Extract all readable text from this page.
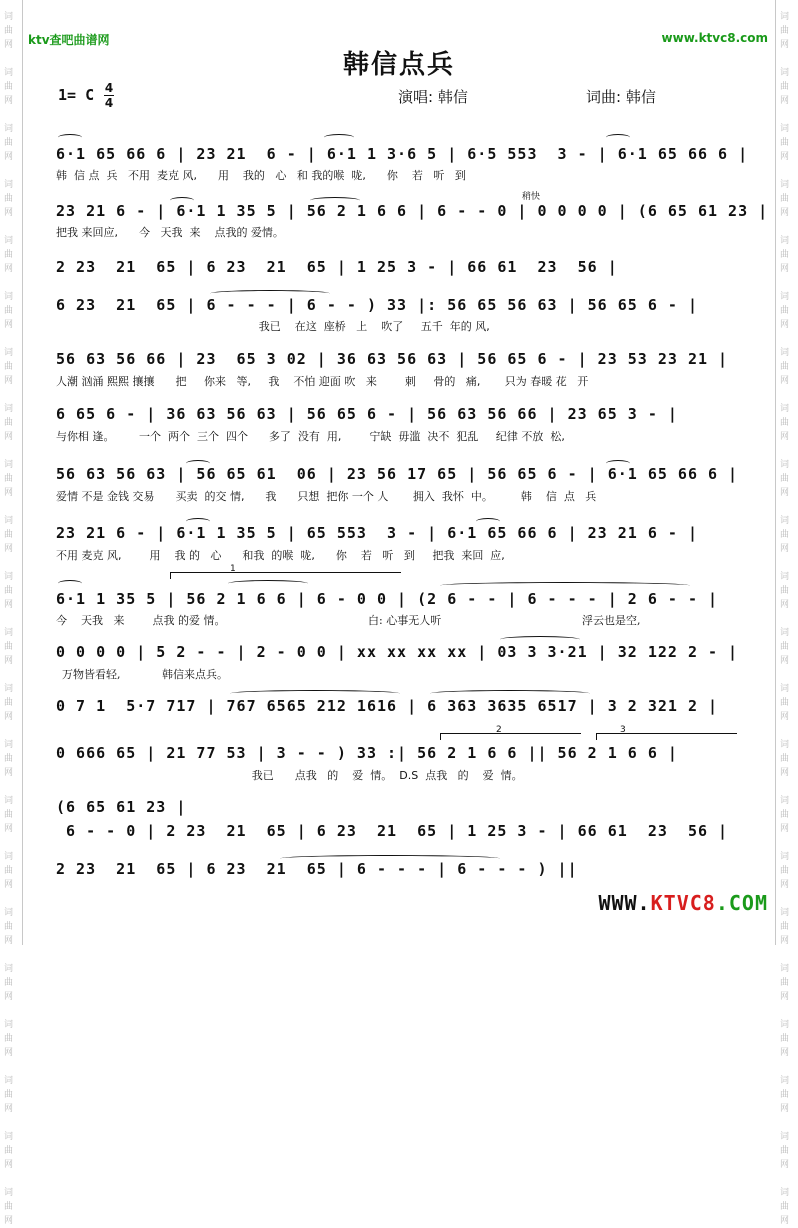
词
曲
网

词
曲
网

词
曲
网

词
曲
网

词
曲
网

词
曲
网

词
曲
网

词
曲
网

词
曲
网

词
曲
网

词
曲
网

词
曲
网

词
曲
网

词
曲
网

词
曲
网

词
曲
网

词
曲
网

词
曲
网

词
曲
网

词
曲
网

词
曲
网

词
曲
网

词
曲
网

词
曲
网

词
曲
网

词
曲
网

词
曲
网

词
曲
网

词
曲
网

词
曲
网

词
曲
网

词
曲
网

词
曲
网

词
曲
网

词
曲
网

词
曲
网

词
曲
网

词
曲
网

词
曲
网

词
曲
网

词
曲
网

词
曲
网

词
曲
网

词
曲
网

ktv查吧曲谱网	www.ktvc8.com
韩信点兵
1= C 4
4	演唱: 韩信	词曲: 韩信
稍快
白: 心事无人听	浮云也是空,
万物皆看轻,	韩信来点兵。
1
2	3
6·1 65 66 6 | 23 21  6 - | 6·1 1 3·6 5 | 6·5 553  3 - | 6·1 65 66 6 |
韩  信 点  兵   不用  麦克 风,      用    我的   心   和 我的喉  咙,      你    若   听   到
23 21 6 - | 6·1 1 35 5 | 56 2 1 6 6 | 6 - - 0 | 0 0 0 0 | (6 65 61 23 |
把我 来回应,      今   天我  来    点我的 爱情。
2 23  21  65 | 6 23  21  65 | 1 25 3 - | 66 61  23  56 |
6 23  21  65 | 6 - - - | 6 - - ) 33 |: 56 65 56 63 | 56 65 6 - |
我已    在这  座桥   上    吹了     五千  年的 风,
56 63 56 66 | 23  65 3 02 | 36 63 56 63 | 56 65 6 - | 23 53 23 21 |
人潮 汹涌 熙熙 攘攘      把     你来   等,     我    不怕 迎面 吹   来        刺     骨的   痛,       只为 春暖 花   开
6 65 6 - | 36 63 56 63 | 56 65 6 - | 56 63 56 66 | 23 65 3 - |
与你相 逢。       一个  两个  三个  四个      多了  没有  用,        宁缺  毋滥  决不  犯乱     纪律 不放  松,
56 63 56 63 | 56 65 61  06 | 23 56 17 65 | 56 65 6 - | 6·1 65 66 6 |
爱情 不是 金钱 交易      买卖  的交 情,      我      只想  把你 一个 人       拥入  我怀  中。        韩    信  点   兵
23 21 6 - | 6·1 1 35 5 | 65 553  3 - | 6·1 65 66 6 | 23 21 6 - |
不用 麦克 风,        用    我 的   心      和我  的喉  咙,      你    若   听   到     把我  来回  应,
6·1 1 35 5 | 56 2 1 6 6 | 6 - 0 0 | (2 6 - - | 6 - - - | 2 6 - - |
今    天我   来        点我 的爱 情。
0 0 0 0 | 5 2 - - | 2 - 0 0 | xx xx xx xx | 03 3 3·21 | 32 122 2 - |
0 7 1  5·7 717 | 767 6565 212 1616 | 6 363 3635 6517 | 3 2 321 2 |
0 666 65 | 21 77 53 | 3 - - ) 33 :| 56 2 1 6 6 || 56 2 1 6 6 |
我已      点我   的    爱  情。  D.S  点我   的    爱  情。
(6 65 61 23 |
6 - - 0 | 2 23  21  65 | 6 23  21  65 | 1 25 3 - | 66 61  23  56 |
2 23  21  65 | 6 23  21  65 | 6 - - - | 6 - - - ) ||
WWW.KTVC8.COM
